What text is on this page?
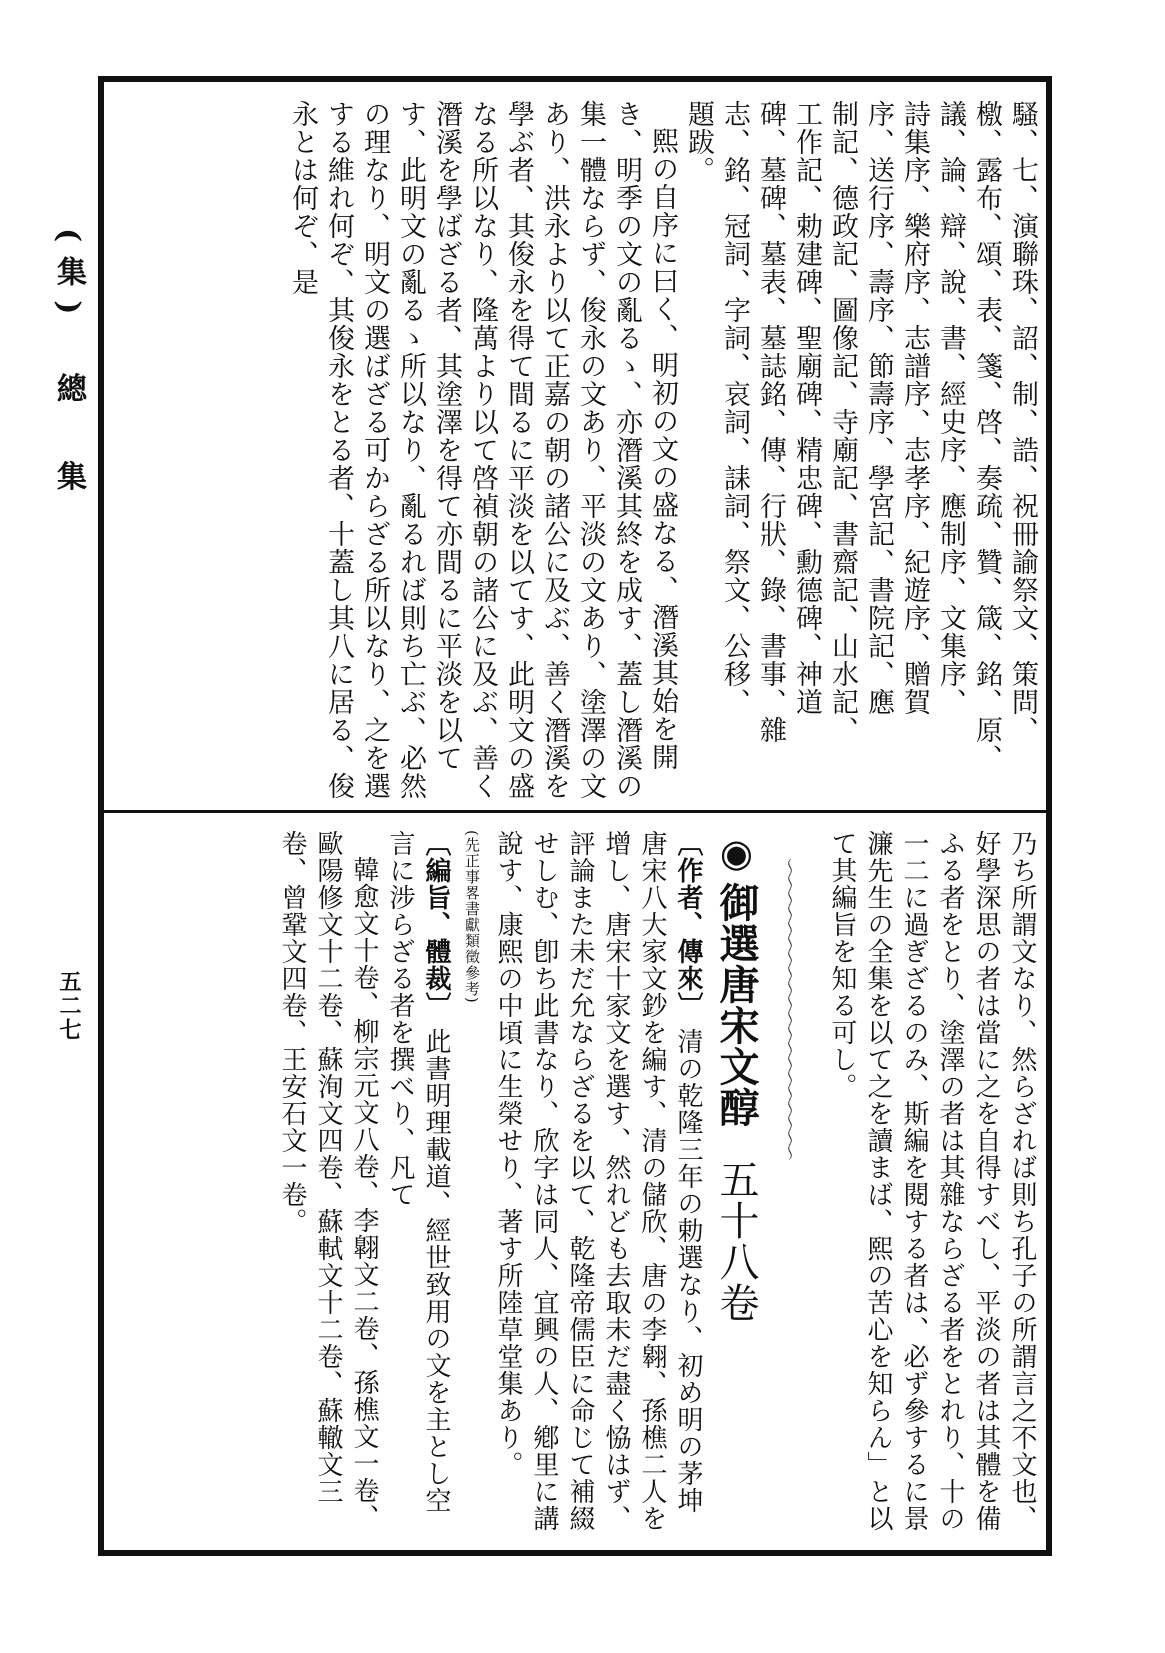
(集)　總　集
五二七

騷、七、演聯珠、詔、制、誥、祝冊諭祭文、策問、
檄、露布、頌、表、箋、啓、奏疏、贊、箴、銘、原、
議、論、辯、說、書、經史序、應制序、文集序、
詩集序、樂府序、志譜序、志孝序、紀遊序、贈賀
序、送行序、壽序、節壽序、學宮記、書院記、應
制記、德政記、圖像記、寺廟記、書齋記、山水記、
工作記、勅建碑、聖廟碑、精忠碑、勳德碑、神道
碑、墓碑、墓表、墓誌銘、傳、行狀、錄、書事、雜
志、銘、冠詞、字詞、哀詞、誄詞、祭文、公移、
題跋。

熙の自序に曰く、明初の文の盛なる、潛溪其始を開き、明季の文の亂るゝ、亦潛溪其終を成す、蓋し潛溪の集一體ならず、俊永の文あり、平淡の文あり、塗澤の文あり、洪永より以て正嘉の朝の諸公に及ぶ、善く潛溪を學ぶ者、其俊永を得て間るに平淡を以てす、此明文の盛なる所以なり、隆萬より以て啓禎朝の諸公に及ぶ、善く潛溪を學ばざる者、其塗澤を得て亦間るに平淡を以てす、此明文の亂るゝ所以なり、亂るれば則ち亡ぶ、必然の理なり、明文の選ばざる可からざる所以なり、之を選する維れ何ぞ、其俊永をとる者、十蓋し其八に居る、俊永とは何ぞ、是

乃ち所謂文なり、然らざれば則ち孔子の所謂言之不文也、好學深思の者は當に之を自得すべし、平淡の者は其體を備ふる者をとり、塗澤の者は其雜ならざる者をとれり、十の一二に過ぎざるのみ、斯編を閱する者は、必ず參するに景濂先生の全集を以て之を讀まば、熙の苦心を知らん」と以て其編旨を知る可し。

～～～～～～～～～～～～～～～～～～～～
◉御選唐宋文醇 五十八卷

〔作者、傳來〕 清の乾隆三年の勅選なり、初め明の茅坤唐宋八大家文鈔を編す、清の儲欣、唐の李翱、孫樵二人を增し、唐宋十家文を選す、然れども去取未だ盡く恊はず、評論また未だ允ならざるを以て、乾隆帝儒臣に命じて補綴せしむ、卽ち此書なり、欣字は同人、宜興の人、鄕里に講說す、康熙の中頃に生榮せり、著す所陸草堂集あり。 (先正事畧書獻類徵參考)

〔編旨、體裁〕 此書明理載道、經世致用の文を主とし空言に涉らざる者を撰べり、凡て

韓愈文十卷、柳宗元文八卷、李翺文二卷、孫樵文一卷、歐陽修文十二卷、蘇洵文四卷、蘇軾文十二卷、蘇轍文三卷、曾鞏文四卷、王安石文一卷。
